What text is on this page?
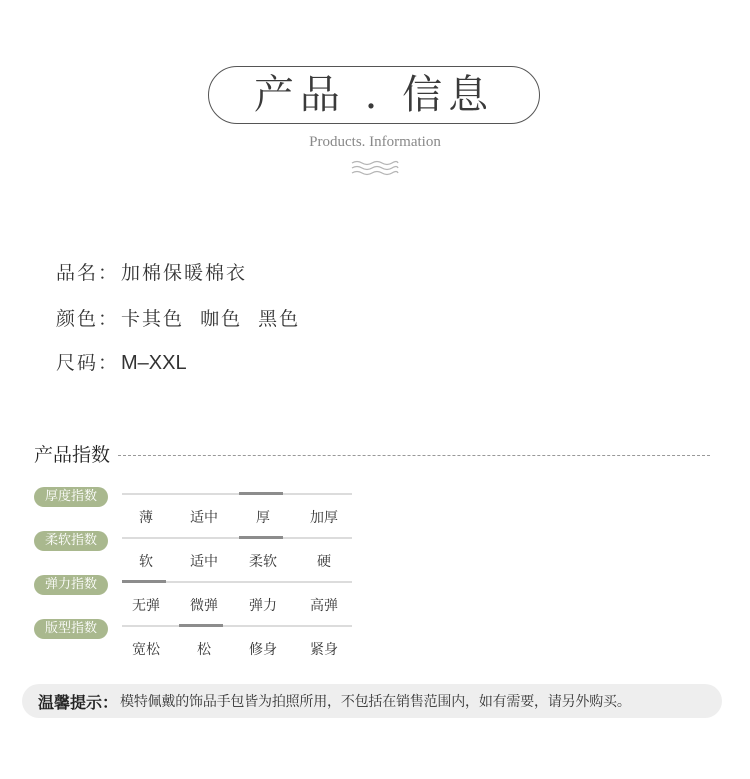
产品 . 信息
Products. Information
品名： 加棉保暖棉衣
颜色： 卡其色  咖色  黑色
尺码： M–XXL
产品指数
厚度指数
薄	适中	厚	加厚
柔软指数
软	适中	柔软	硬
弹力指数
无弹	微弹	弹力	高弹
版型指数
宽松	松	修身	紧身
温馨提示： 模特佩戴的饰品手包皆为拍照所用，不包括在销售范围内，如有需要，请另外购买。
